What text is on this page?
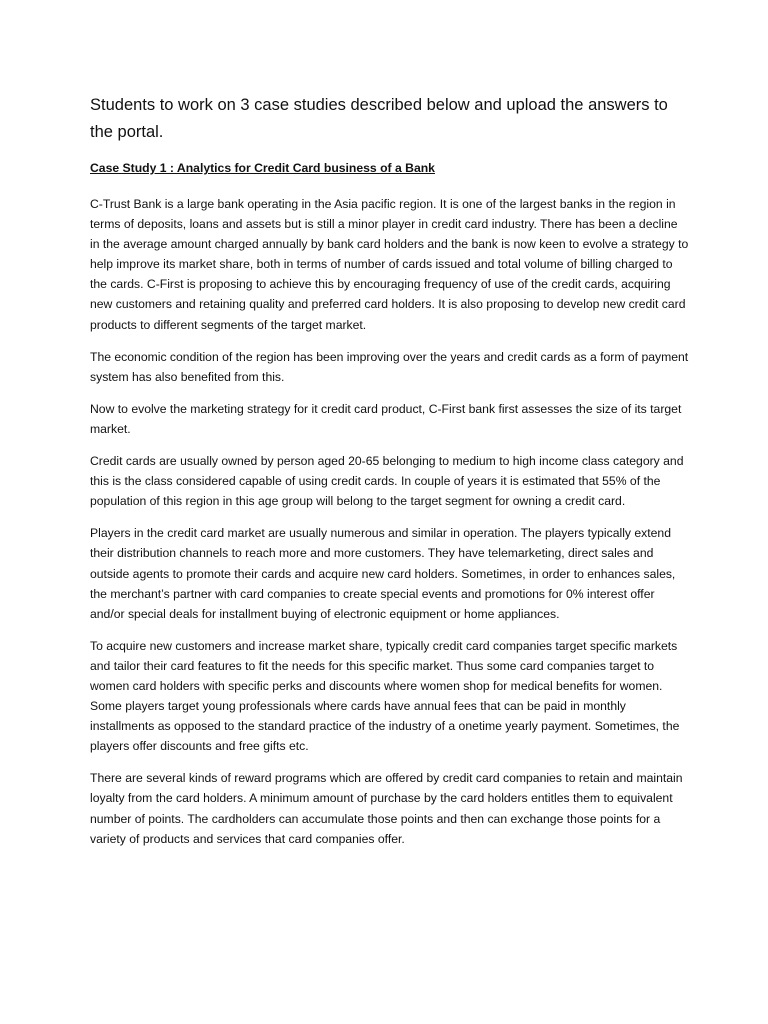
Students to work on 3 case studies described below and upload the answers to the portal.

Case Study 1 : Analytics for Credit Card business of a Bank

C-Trust Bank is a large bank operating in the Asia pacific region. It is one of the largest banks in the region in terms of deposits, loans and assets but is still a minor player in credit card industry. There has been a decline in the average amount charged annually by bank card holders and the bank is now keen to evolve a strategy to help improve its market share, both in terms of number of cards issued and total volume of billing charged to the cards. C-First is proposing to achieve this by encouraging frequency of use of the credit cards, acquiring new customers and retaining quality and preferred card holders. It is also proposing to develop new credit card products to different segments of the target market.

The economic condition of the region has been improving over the years and credit cards as a form of payment system has also benefited from this.

Now to evolve the marketing strategy for it credit card product, C-First bank first assesses the size of its target market.

Credit cards are usually owned by person aged 20-65 belonging to medium to high income class category and this is the class considered capable of using credit cards. In couple of years it is estimated that 55% of the population of this region in this age group will belong to the target segment for owning a credit card.

Players in the credit card market are usually numerous and similar in operation. The players typically extend their distribution channels to reach more and more customers. They have telemarketing, direct sales and outside agents to promote their cards and acquire new card holders. Sometimes, in order to enhances sales, the merchant’s partner with card companies to create special events and promotions for 0% interest offer and/or special deals for installment buying of electronic equipment or home appliances.

To acquire new customers and increase market share, typically credit card companies target specific markets and tailor their card features to fit the needs for this specific market. Thus some card companies target to women card holders with specific perks and discounts where women shop for medical benefits for women. Some players target young professionals where cards have annual fees that can be paid in monthly installments as opposed to the standard practice of the industry of a onetime yearly payment. Sometimes, the players offer discounts and free gifts etc.

There are several kinds of reward programs which are offered by credit card companies to retain and maintain loyalty from the card holders. A minimum amount of purchase by the card holders entitles them to equivalent number of points. The cardholders can accumulate those points and then can exchange those points for a variety of products and services that card companies offer.
